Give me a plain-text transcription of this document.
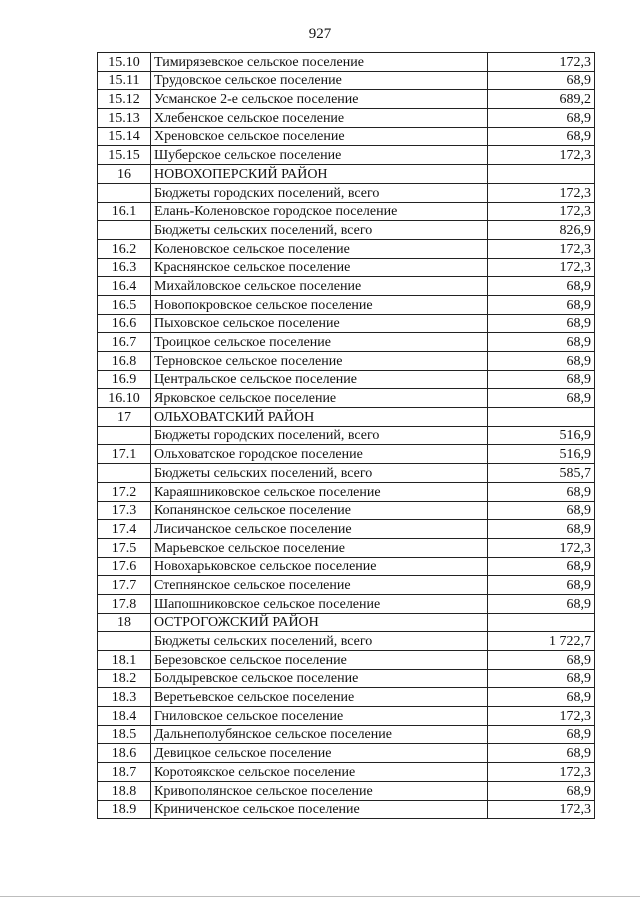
927
15.10	Тимирязевское сельское поселение	172,3
15.11	Трудовское сельское поселение	68,9
15.12	Усманское 2-е сельское поселение	689,2
15.13	Хлебенское сельское поселение	68,9
15.14	Хреновское сельское поселение	68,9
15.15	Шуберское сельское поселение	172,3
16	НОВОХОПЕРСКИЙ РАЙОН	
	Бюджеты городских поселений, всего	172,3
16.1	Елань-Коленовское городское поселение	172,3
	Бюджеты сельских поселений, всего	826,9
16.2	Коленовское сельское поселение	172,3
16.3	Краснянское сельское поселение	172,3
16.4	Михайловское сельское поселение	68,9
16.5	Новопокровское сельское поселение	68,9
16.6	Пыховское сельское поселение	68,9
16.7	Троицкое сельское поселение	68,9
16.8	Терновское сельское поселение	68,9
16.9	Центральское сельское поселение	68,9
16.10	Ярковское сельское поселение	68,9
17	ОЛЬХОВАТСКИЙ РАЙОН	
	Бюджеты городских поселений, всего	516,9
17.1	Ольховатское городское поселение	516,9
	Бюджеты сельских поселений, всего	585,7
17.2	Караяшниковское сельское поселение	68,9
17.3	Копанянское сельское поселение	68,9
17.4	Лисичанское сельское поселение	68,9
17.5	Марьевское сельское поселение	172,3
17.6	Новохарьковское сельское поселение	68,9
17.7	Степнянское сельское поселение	68,9
17.8	Шапошниковское сельское поселение	68,9
18	ОСТРОГОЖСКИЙ РАЙОН	
	Бюджеты сельских поселений, всего	1 722,7
18.1	Березовское сельское поселение	68,9
18.2	Болдыревское сельское поселение	68,9
18.3	Веретьевское сельское поселение	68,9
18.4	Гниловское сельское поселение	172,3
18.5	Дальнеполубянское сельское поселение	68,9
18.6	Девицкое сельское поселение	68,9
18.7	Коротоякское сельское поселение	172,3
18.8	Кривополянское сельское поселение	68,9
18.9	Криниченское сельское поселение	172,3
